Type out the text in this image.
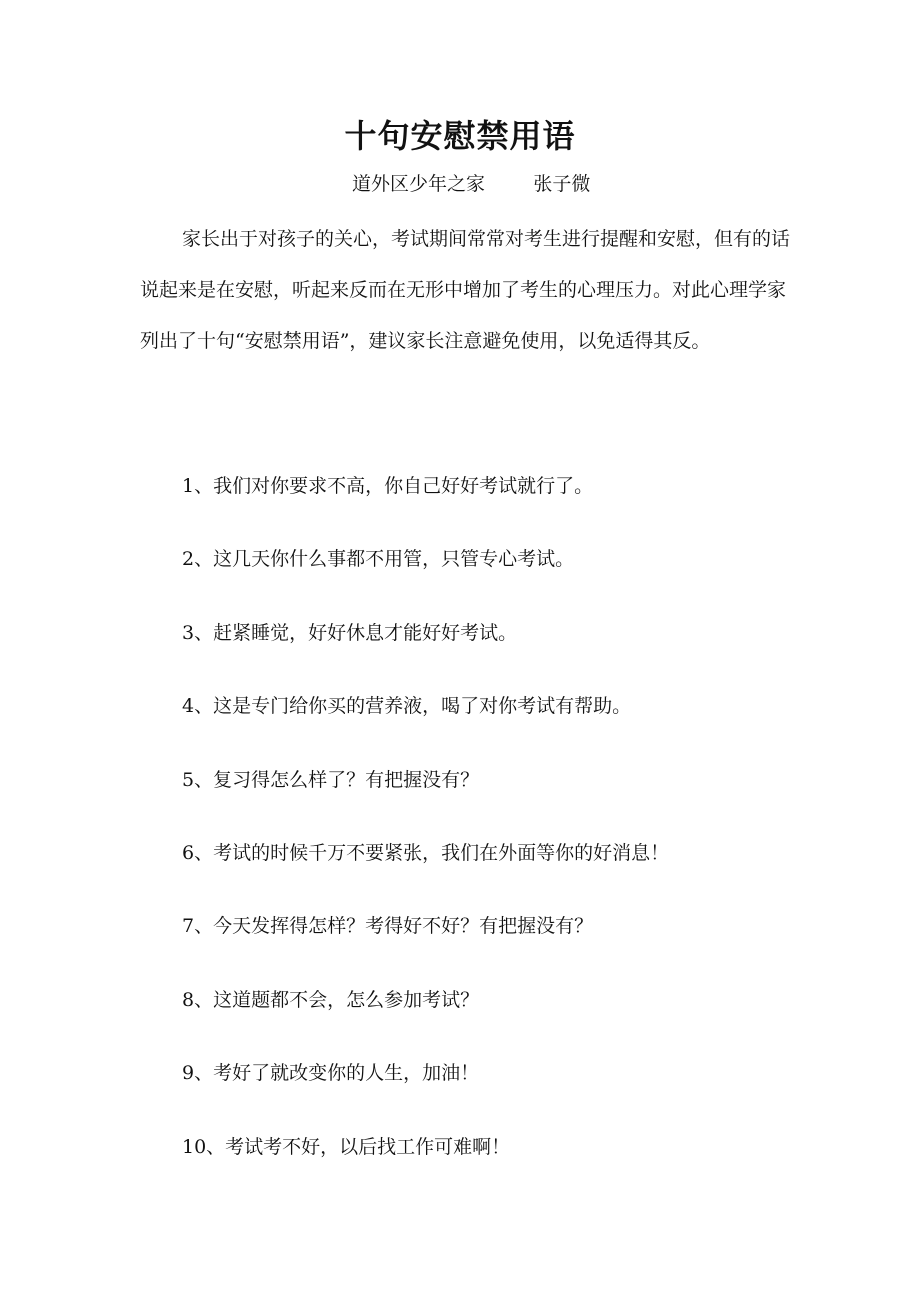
十句安慰禁用语
道外区少年之家        张子微

家长出于对孩子的关心，考试期间常常对考生进行提醒和安慰，但有的话说起来是在安慰，听起来反而在无形中增加了考生的心理压力。对此心理学家列出了十句“安慰禁用语”，建议家长注意避免使用，以免适得其反。

1、我们对你要求不高，你自己好好考试就行了。
2、这几天你什么事都不用管，只管专心考试。
3、赶紧睡觉，好好休息才能好好考试。
4、这是专门给你买的营养液，喝了对你考试有帮助。
5、复习得怎么样了？有把握没有？
6、考试的时候千万不要紧张，我们在外面等你的好消息！
7、今天发挥得怎样？考得好不好？有把握没有？
8、这道题都不会，怎么参加考试？
9、考好了就改变你的人生，加油！
10、考试考不好，以后找工作可难啊！
